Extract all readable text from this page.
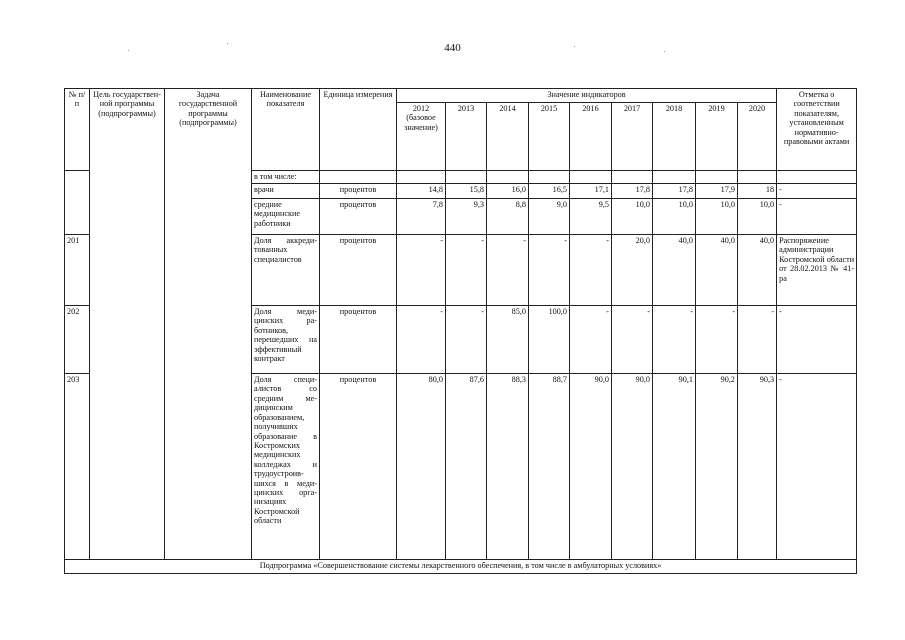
440
№ п/п	Цель государствен-ной программы (подпрограммы)	Задача государственной программы (подпрограммы)	Наименование показателя	Единица измерения	Значение индикаторов									Отметка о соответствии показателям, установленным нормативно-правовыми актами
					2012 (базовое значение)	2013	2014	2015	2016	2017	2018	2019	2020	
			в том числе:											
			врачи	процентов	14,8	15,8	16,0	16,5	17,1	17,8	17,8	17,9	18	-
			средние медицинские работники	процентов	7,8	9,3	8,8	9,0	9,5	10,0	10,0	10,0	10,0	-
201			Доля аккреди-тованных специалистов	процентов	-	-	-	-	-	20,0	40,0	40,0	40,0	Распоряжение администрации Костромской области от 28.02.2013 № 41-ра
202			Доля меди-цинских ра-ботников, перешедших на эффективный контракт	процентов	-	-	85,0	100,0	-	-	-	-	-	-
203			Доля специ-алистов со средним ме-дицинским образованием, получивших образование в Костромских медицинских колледжах и трудоустроив-шихся в меди-цинских орга-низациях Костромской области	процентов	80,0	87,6	88,3	88,7	90,0	90,0	90,1	90,2	90,3	-
Подпрограмма «Совершенствование системы лекарственного обеспечения, в том числе в амбулаторных условиях»														
